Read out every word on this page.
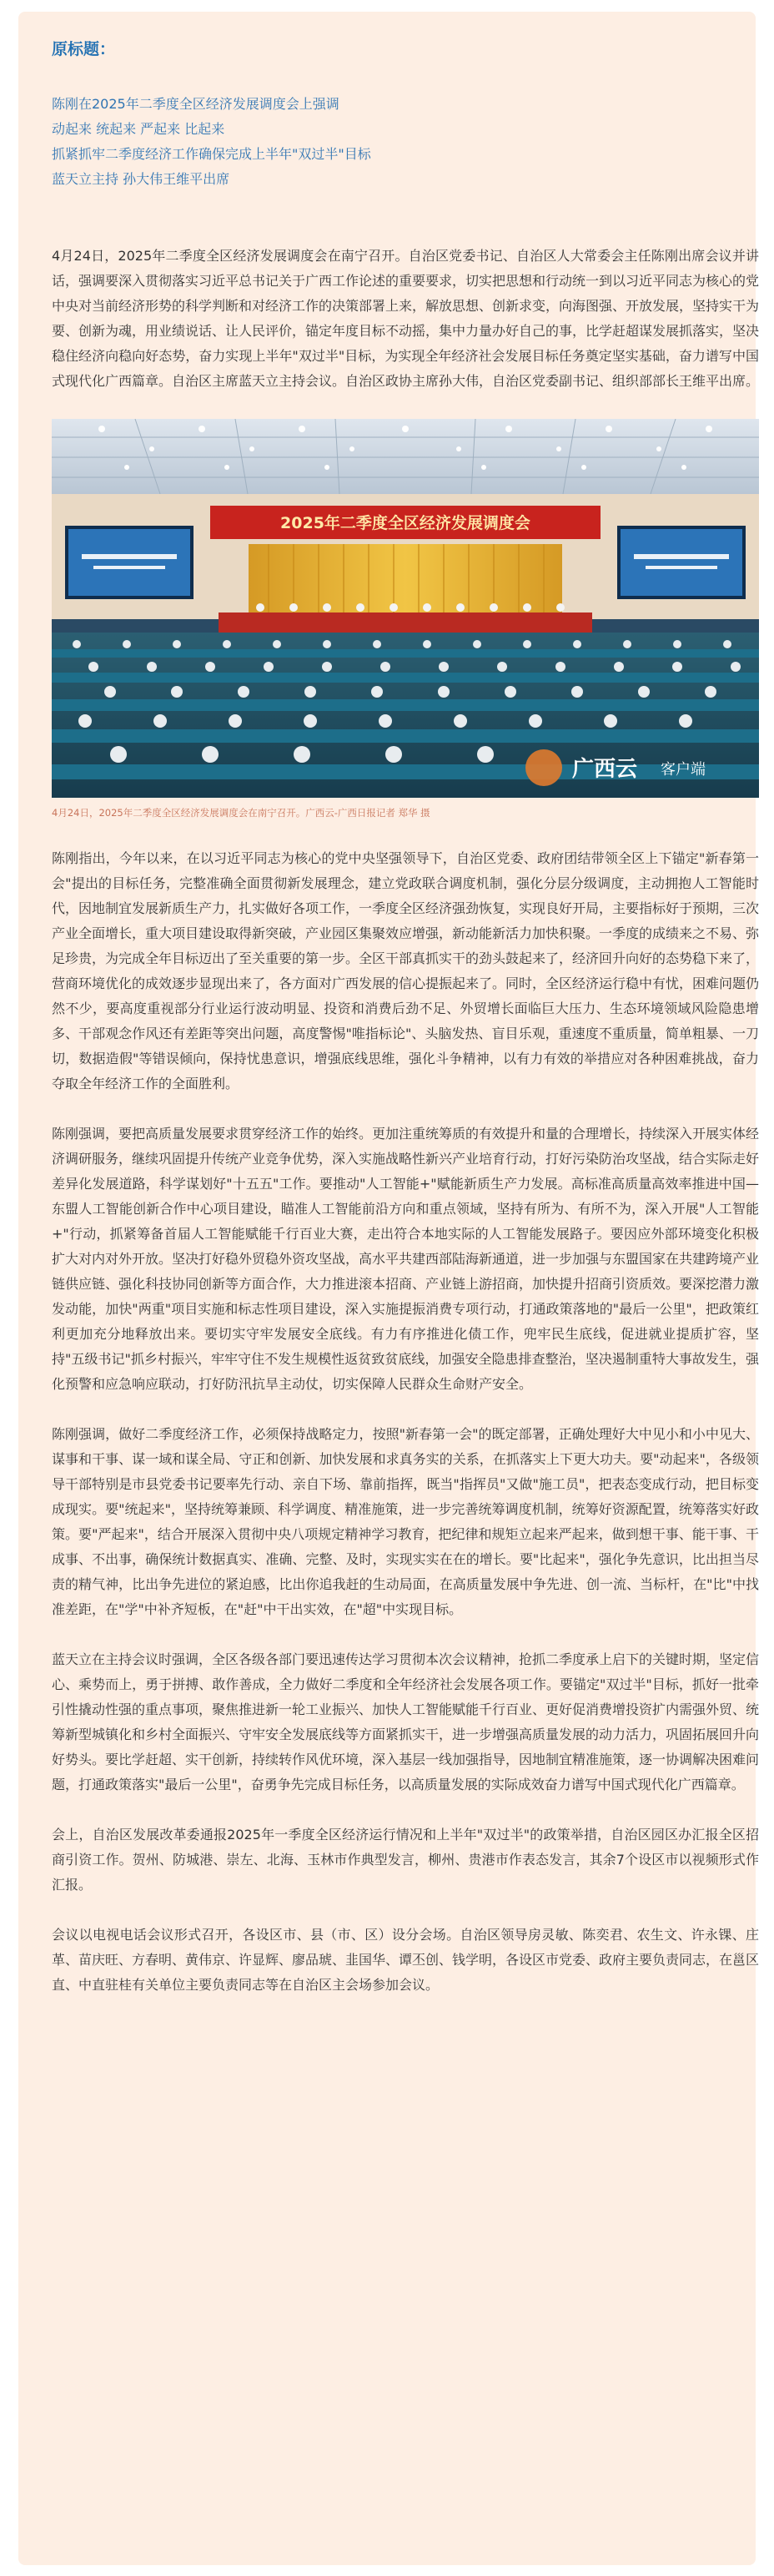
原标题：
陈刚在2025年二季度全区经济发展调度会上强调
动起来 统起来 严起来 比起来
抓紧抓牢二季度经济工作确保完成上半年"双过半"目标
蓝天立主持 孙大伟王维平出席

4月24日，2025年二季度全区经济发展调度会在南宁召开。自治区党委书记、自治区人大常委会主任陈刚出席会议并讲话，强调要深入贯彻落实习近平总书记关于广西工作论述的重要要求，切实把思想和行动统一到以习近平同志为核心的党中央对当前经济形势的科学判断和对经济工作的决策部署上来，解放思想、创新求变，向海图强、开放发展，坚持实干为要、创新为魂，用业绩说话、让人民评价，锚定年度目标不动摇，集中力量办好自己的事，比学赶超谋发展抓落实，坚决稳住经济向稳向好态势，奋力实现上半年"双过半"目标，为实现全年经济社会发展目标任务奠定坚实基础，奋力谱写中国式现代化广西篇章。自治区主席蓝天立主持会议。自治区政协主席孙大伟，自治区党委副书记、组织部部长王维平出席。

2025年二季度全区经济发展调度会
广西云 客户端
4月24日，2025年二季度全区经济发展调度会在南宁召开。广西云-广西日报记者 郑华 摄

陈刚指出，今年以来，在以习近平同志为核心的党中央坚强领导下，自治区党委、政府团结带领全区上下锚定"新春第一会"提出的目标任务，完整准确全面贯彻新发展理念，建立党政联合调度机制，强化分层分级调度，主动拥抱人工智能时代，因地制宜发展新质生产力，扎实做好各项工作，一季度全区经济强劲恢复，实现良好开局，主要指标好于预期，三次产业全面增长，重大项目建设取得新突破，产业园区集聚效应增强，新动能新活力加快积聚。一季度的成绩来之不易、弥足珍贵，为完成全年目标迈出了至关重要的第一步。全区干部真抓实干的劲头鼓起来了，经济回升向好的态势稳下来了，营商环境优化的成效逐步显现出来了，各方面对广西发展的信心提振起来了。同时，全区经济运行稳中有忧，困难问题仍然不少，要高度重视部分行业运行波动明显、投资和消费后劲不足、外贸增长面临巨大压力、生态环境领域风险隐患增多、干部观念作风还有差距等突出问题，高度警惕"唯指标论"、头脑发热、盲目乐观，重速度不重质量，简单粗暴、一刀切，数据造假"等错误倾向，保持忧患意识，增强底线思维，强化斗争精神，以有力有效的举措应对各种困难挑战，奋力夺取全年经济工作的全面胜利。

陈刚强调，要把高质量发展要求贯穿经济工作的始终。更加注重统筹质的有效提升和量的合理增长，持续深入开展实体经济调研服务，继续巩固提升传统产业竞争优势，深入实施战略性新兴产业培育行动，打好污染防治攻坚战，结合实际走好差异化发展道路，科学谋划好"十五五"工作。要推动"人工智能+"赋能新质生产力发展。高标准高质量高效率推进中国—东盟人工智能创新合作中心项目建设，瞄准人工智能前沿方向和重点领域，坚持有所为、有所不为，深入开展"人工智能+"行动，抓紧筹备首届人工智能赋能千行百业大赛，走出符合本地实际的人工智能发展路子。要因应外部环境变化积极扩大对内对外开放。坚决打好稳外贸稳外资攻坚战，高水平共建西部陆海新通道，进一步加强与东盟国家在共建跨境产业链供应链、强化科技协同创新等方面合作，大力推进滚本招商、产业链上游招商，加快提升招商引资质效。要深挖潜力激发动能，加快"两重"项目实施和标志性项目建设，深入实施提振消费专项行动，打通政策落地的"最后一公里"，把政策红利更加充分地释放出来。要切实守牢发展安全底线。有力有序推进化债工作，兜牢民生底线，促进就业提质扩容，坚持"五级书记"抓乡村振兴，牢牢守住不发生规模性返贫致贫底线，加强安全隐患排查整治，坚决遏制重特大事故发生，强化预警和应急响应联动，打好防汛抗旱主动仗，切实保障人民群众生命财产安全。

陈刚强调，做好二季度经济工作，必须保持战略定力，按照"新春第一会"的既定部署，正确处理好大中见小和小中见大、谋事和干事、谋一域和谋全局、守正和创新、加快发展和求真务实的关系，在抓落实上下更大功夫。要"动起来"，各级领导干部特别是市县党委书记要率先行动、亲自下场、靠前指挥，既当"指挥员"又做"施工员"，把表态变成行动，把目标变成现实。要"统起来"，坚持统筹兼顾、科学调度、精准施策，进一步完善统筹调度机制，统筹好资源配置，统筹落实好政策。要"严起来"，结合开展深入贯彻中央八项规定精神学习教育，把纪律和规矩立起来严起来，做到想干事、能干事、干成事、不出事，确保统计数据真实、准确、完整、及时，实现实实在在的增长。要"比起来"，强化争先意识，比出担当尽责的精气神，比出争先进位的紧迫感，比出你追我赶的生动局面，在高质量发展中争先进、创一流、当标杆，在"比"中找准差距，在"学"中补齐短板，在"赶"中干出实效，在"超"中实现目标。

蓝天立在主持会议时强调，全区各级各部门要迅速传达学习贯彻本次会议精神，抢抓二季度承上启下的关键时期，坚定信心、乘势而上，勇于拼搏、敢作善成，全力做好二季度和全年经济社会发展各项工作。要锚定"双过半"目标，抓好一批牵引性撬动性强的重点事项，聚焦推进新一轮工业振兴、加快人工智能赋能千行百业、更好促消费增投资扩内需强外贸、统筹新型城镇化和乡村全面振兴、守牢安全发展底线等方面紧抓实干，进一步增强高质量发展的动力活力，巩固拓展回升向好势头。要比学赶超、实干创新，持续转作风优环境，深入基层一线加强指导，因地制宜精准施策，逐一协调解决困难问题，打通政策落实"最后一公里"，奋勇争先完成目标任务，以高质量发展的实际成效奋力谱写中国式现代化广西篇章。

会上，自治区发展改革委通报2025年一季度全区经济运行情况和上半年"双过半"的政策举措，自治区园区办汇报全区招商引资工作。贺州、防城港、崇左、北海、玉林市作典型发言，柳州、贵港市作表态发言，其余7个设区市以视频形式作汇报。

会议以电视电话会议形式召开，各设区市、县（市、区）设分会场。自治区领导房灵敏、陈奕君、农生文、许永锞、庄革、苗庆旺、方春明、黄伟京、许显辉、廖品琥、韭国华、谭丕创、钱学明，各设区市党委、政府主要负责同志，在邕区直、中直驻桂有关单位主要负责同志等在自治区主会场参加会议。
